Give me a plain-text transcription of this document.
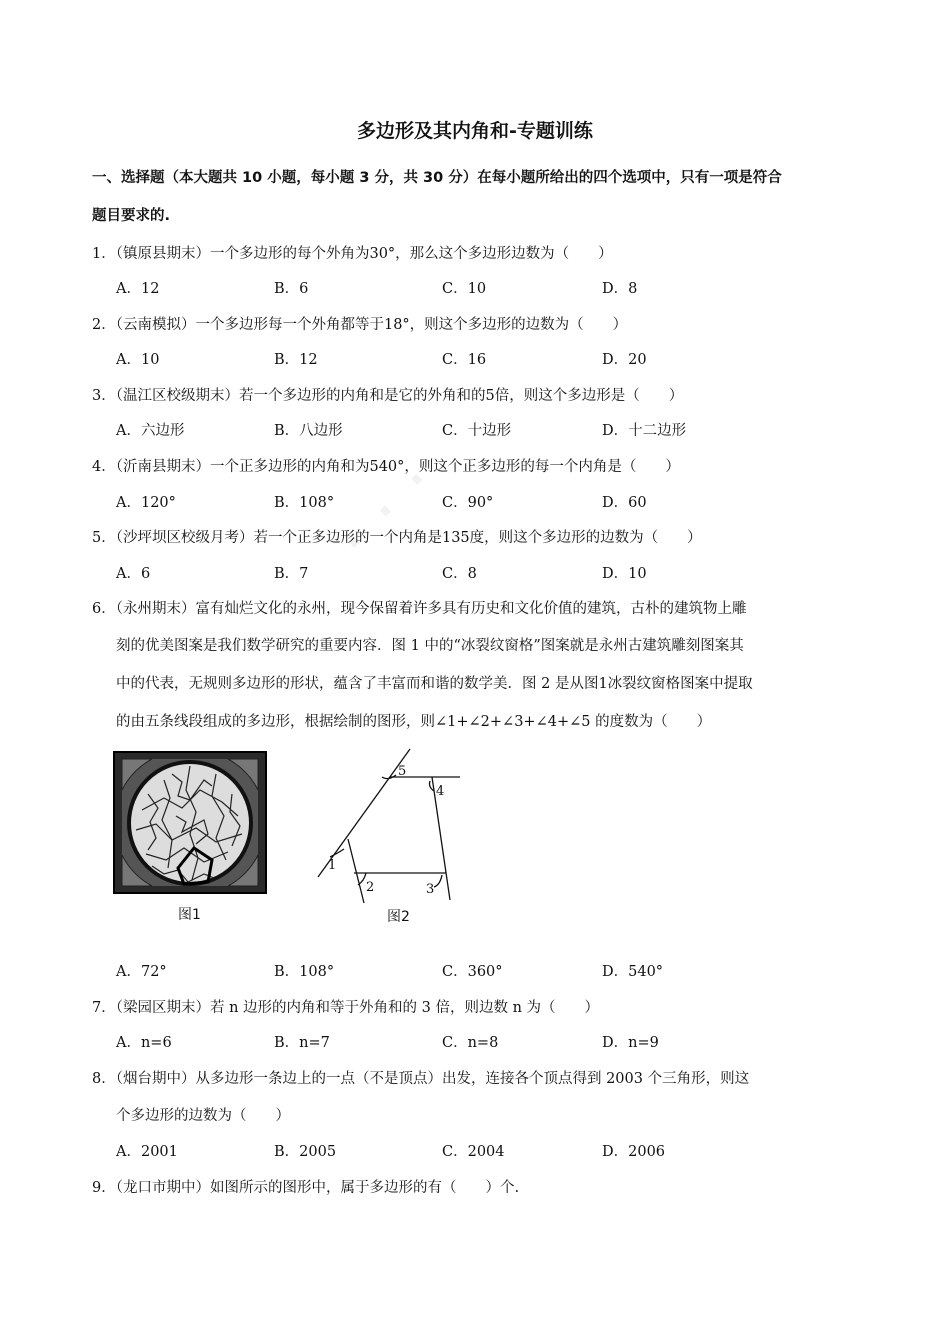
· · ·
多边形及其内角和-专题训练
一、选择题（本大题共 10 小题，每小题 3 分，共 30 分）在每小题所给出的四个选项中，只有一项是符合
题目要求的.
1．（镇原县期末）一个多边形的每个外角为30°，那么这个多边形边数为（　　）
A．12	B．6	C．10	D．8
2．（云南模拟）一个多边形每一个外角都等于18°，则这个多边形的边数为（　　）
A．10	B．12	C．16	D．20
3．（温江区校级期末）若一个多边形的内角和是它的外角和的5倍，则这个多边形是（　　）
A．六边形	B．八边形	C．十边形	D．十二边形
4．（沂南县期末）一个正多边形的内角和为540°，则这个正多边形的每一个内角是（　　）
A．120°	B．108°	C．90°	D．60
5．（沙坪坝区校级月考）若一个正多边形的一个内角是135度，则这个多边形的边数为（　　）
A．6	B．7	C．8	D．10
6．（永州期末）富有灿烂文化的永州，现今保留着许多具有历史和文化价值的建筑，古朴的建筑物上雕
刻的优美图案是我们数学研究的重要内容．图 1 中的“冰裂纹窗格”图案就是永州古建筑雕刻图案其
中的代表，无规则多边形的形状，蕴含了丰富而和谐的数学美．图 2 是从图1冰裂纹窗格图案中提取
的由五条线段组成的多边形，根据绘制的图形，则∠1+∠2+∠3+∠4+∠5 的度数为（　　）
图1
1
2	3
4
5
图2
A．72°	B．108°	C．360°	D．540°
7．（梁园区期末）若 n 边形的内角和等于外角和的 3 倍，则边数 n 为（　　）
A．n=6	B．n=7	C．n=8	D．n=9
8．（烟台期中）从多边形一条边上的一点（不是顶点）出发，连接各个顶点得到 2003 个三角形，则这
个多边形的边数为（　　）
A．2001	B．2005	C．2004	D．2006
9．（龙口市期中）如图所示的图形中，属于多边形的有（　　）个.
